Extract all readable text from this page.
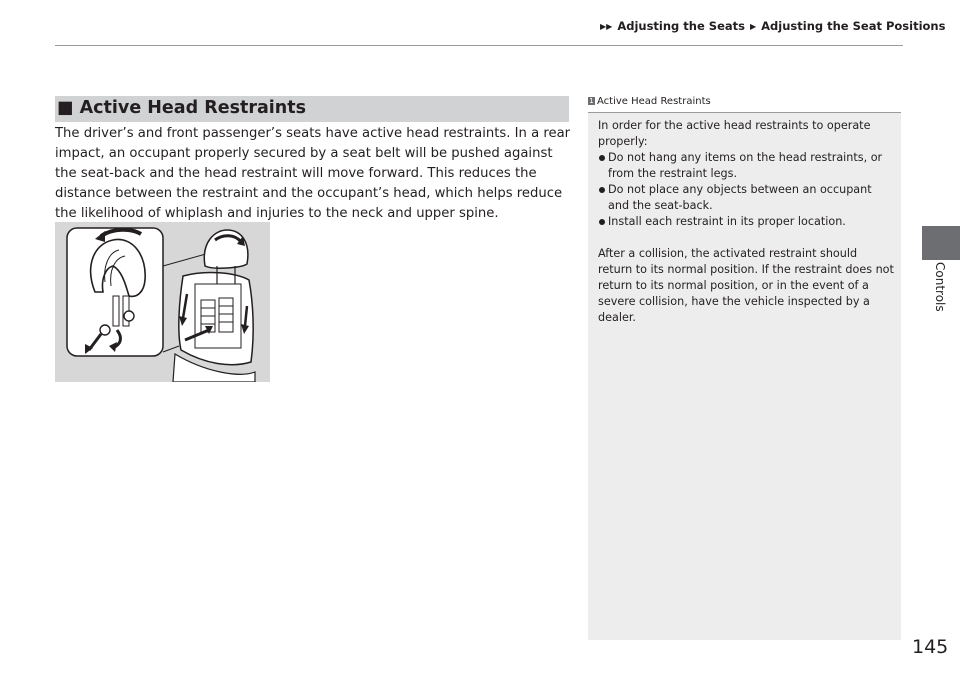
▶▶ Adjusting the Seats ▶ Adjusting the Seat Positions
Controls
■ Active Head Restraints

The driver’s and front passenger’s seats have active head restraints. In a rear impact, an occupant properly secured by a seat belt will be pushed against the seat-back and the head restraint will move forward. This reduces the distance between the restraint and the occupant’s head, which helps reduce the likelihood of whiplash and injuries to the neck and upper spine.

1 Active Head Restraints

In order for the active head restraints to operate properly:

Do not hang any items on the head restraints, or from the restraint legs.
Do not place any objects between an occupant and the seat-back.
Install each restraint in its proper location.

After a collision, the activated restraint should return to its normal position. If the restraint does not return to its normal position, or in the event of a severe collision, have the vehicle inspected by a dealer.

145
